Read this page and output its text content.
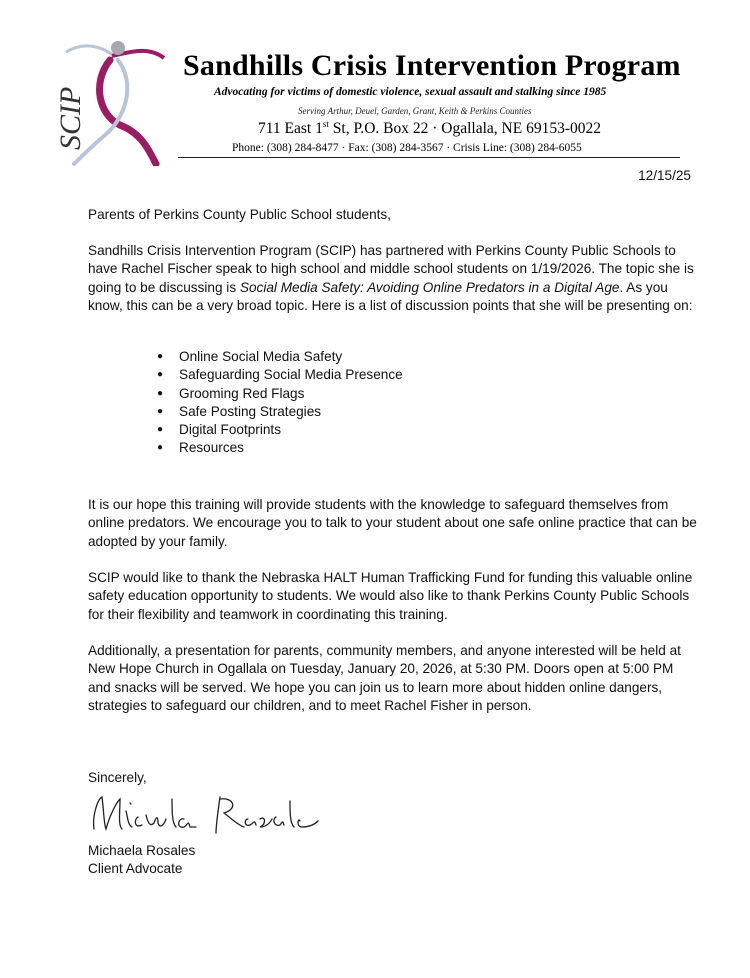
SCIP
Sandhills Crisis Intervention Program
Advocating for victims of domestic violence, sexual assault and stalking since 1985
Serving Arthur, Deuel, Garden, Grant, Keith & Perkins Counties
711 East 1st St, P.O. Box 22 · Ogallala, NE 69153-0022
Phone: (308) 284-8477 · Fax: (308) 284-3567 · Crisis Line: (308) 284-6055
12/15/25
Parents of Perkins County Public School students,

Sandhills Crisis Intervention Program (SCIP) has partnered with Perkins County Public Schools to have Rachel Fischer speak to high school and middle school students on 1/19/2026. The topic she is going to be discussing is Social Media Safety: Avoiding Online Predators in a Digital Age. As you know, this can be a very broad topic. Here is a list of discussion points that she will be presenting on:

● Online Social Media Safety
● Safeguarding Social Media Presence
● Grooming Red Flags
● Safe Posting Strategies
● Digital Footprints
● Resources

It is our hope this training will provide students with the knowledge to safeguard themselves from online predators. We encourage you to talk to your student about one safe online practice that can be adopted by your family.

SCIP would like to thank the Nebraska HALT Human Trafficking Fund for funding this valuable online safety education opportunity to students. We would also like to thank Perkins County Public Schools for their flexibility and teamwork in coordinating this training.

Additionally, a presentation for parents, community members, and anyone interested will be held at New Hope Church in Ogallala on Tuesday, January 20, 2026, at 5:30 PM. Doors open at 5:00 PM and snacks will be served. We hope you can join us to learn more about hidden online dangers, strategies to safeguard our children, and to meet Rachel Fisher in person.

Sincerely,
Michaela Rosales
Client Advocate
